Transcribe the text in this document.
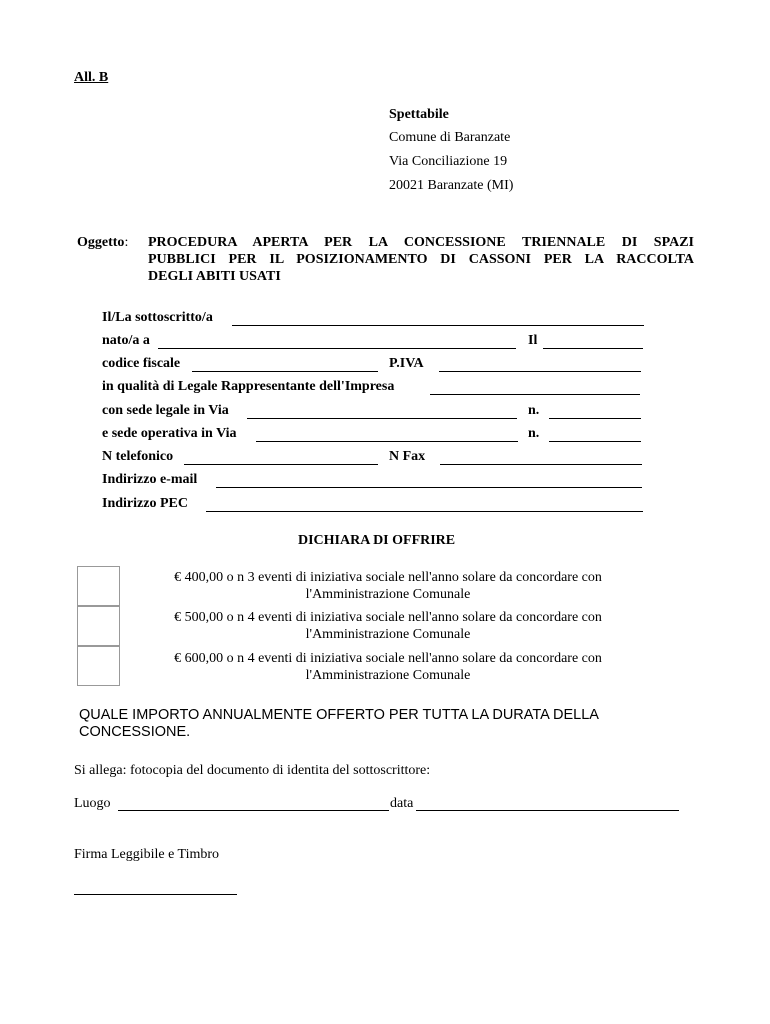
All. B
Spettabile
Comune di Baranzate
Via Conciliazione 19
20021 Baranzate (MI)
Oggetto: PROCEDURA APERTA PER LA CONCESSIONE TRIENNALE DI SPAZI
PUBBLICI PER IL POSIZIONAMENTO DI CASSONI PER LA RACCOLTA
DEGLI ABITI USATI
Il/La sottoscritto/a
nato/a a	Il
codice fiscale	P.IVA
in qualità di Legale Rappresentante dell'Impresa
con sede legale in Via	n.
e sede operativa in Via	n.
N telefonico	N Fax
Indirizzo e-mail
Indirizzo PEC
DICHIARA DI OFFRIRE
€ 400,00 o n 3 eventi di iniziativa sociale nell'anno solare da concordare con
l'Amministrazione Comunale
€ 500,00 o n 4 eventi di iniziativa sociale nell'anno solare da concordare con
l'Amministrazione Comunale
€ 600,00 o n 4 eventi di iniziativa sociale nell'anno solare da concordare con
l'Amministrazione Comunale
QUALE IMPORTO ANNUALMENTE OFFERTO PER TUTTA LA DURATA DELLA
CONCESSIONE.
Si allega: fotocopia del documento di identita del sottoscrittore:
Luogo	data
Firma Leggibile e Timbro
